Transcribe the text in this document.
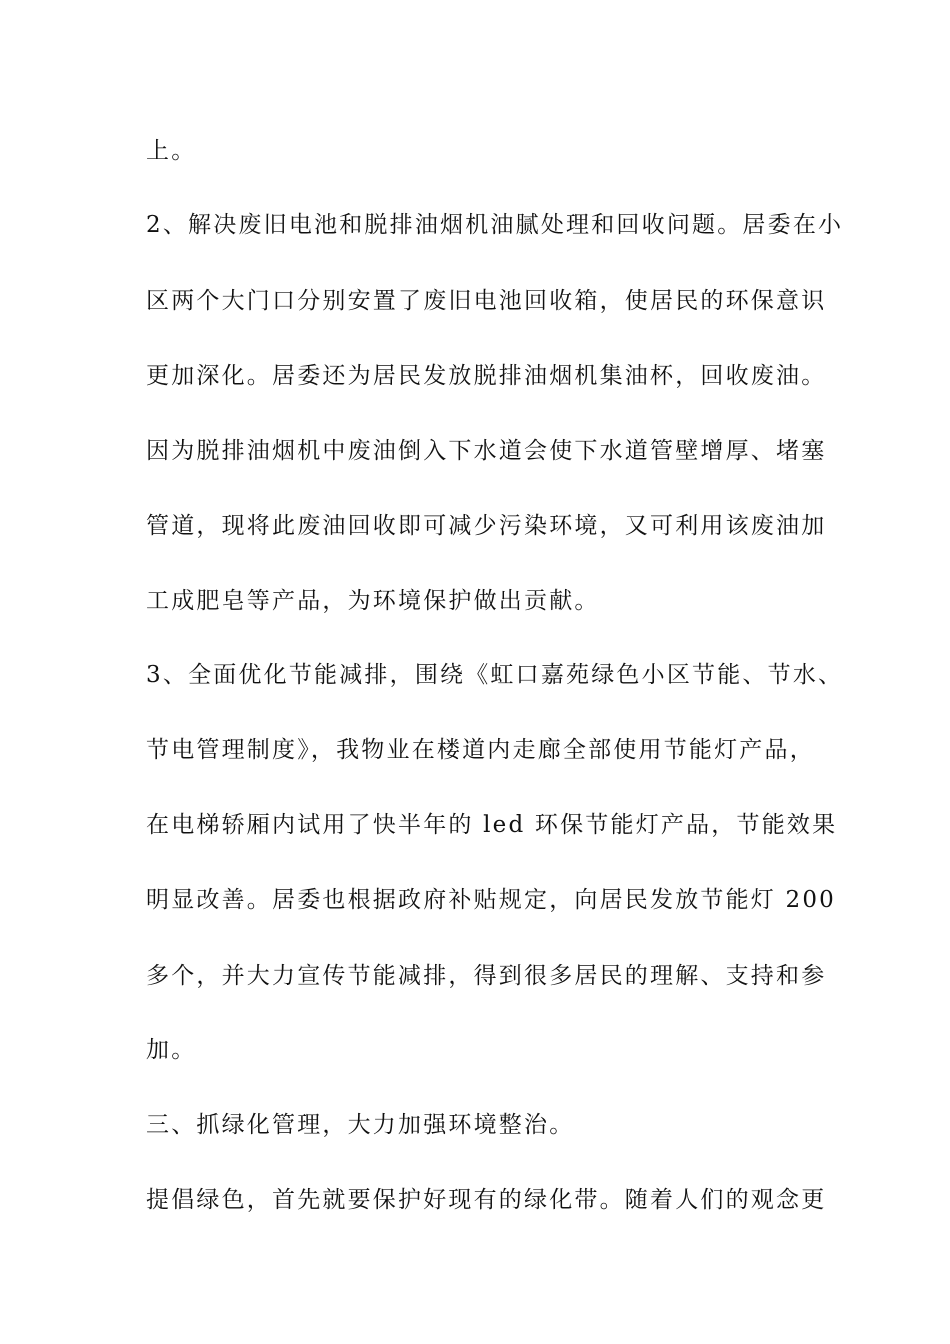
上。
2、解决废旧电池和脱排油烟机油腻处理和回收问题。居委在小
区两个大门口分别安置了废旧电池回收箱，使居民的环保意识
更加深化。居委还为居民发放脱排油烟机集油杯，回收废油。
因为脱排油烟机中废油倒入下水道会使下水道管壁增厚、堵塞
管道，现将此废油回收即可减少污染环境，又可利用该废油加
工成肥皂等产品，为环境保护做出贡献。
3、全面优化节能减排，围绕《虹口嘉苑绿色小区节能、节水、
节电管理制度》，我物业在楼道内走廊全部使用节能灯产品，
在电梯轿厢内试用了快半年的 led 环保节能灯产品，节能效果
明显改善。居委也根据政府补贴规定，向居民发放节能灯 200
多个，并大力宣传节能减排，得到很多居民的理解、支持和参
加。
三、抓绿化管理，大力加强环境整治。
提倡绿色，首先就要保护好现有的绿化带。随着人们的观念更
